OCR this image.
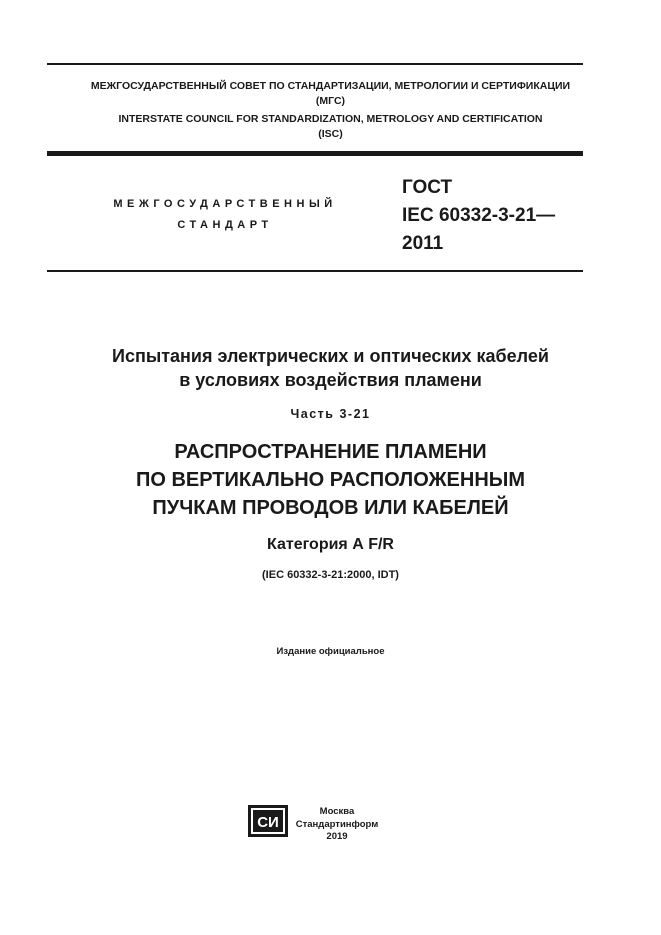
МЕЖГОСУДАРСТВЕННЫЙ СОВЕТ ПО СТАНДАРТИЗАЦИИ, МЕТРОЛОГИИ И СЕРТИФИКАЦИИ
(МГС)
INTERSTATE COUNCIL FOR STANDARDIZATION, METROLOGY AND CERTIFICATION
(ISC)
МЕЖГОСУДАРСТВЕННЫЙ
СТАНДАРТ
ГОСТ
IEC 60332-3-21—
2011
Испытания электрических и оптических кабелей
в условиях воздействия пламени
Часть 3-21
РАСПРОСТРАНЕНИЕ ПЛАМЕНИ
ПО ВЕРТИКАЛЬНО РАСПОЛОЖЕННЫМ
ПУЧКАМ ПРОВОДОВ ИЛИ КАБЕЛЕЙ
Категория А F/R
(IEC 60332-3-21:2000, IDT)
Издание официальное
СИ
Москва
Стандартинформ
2019
